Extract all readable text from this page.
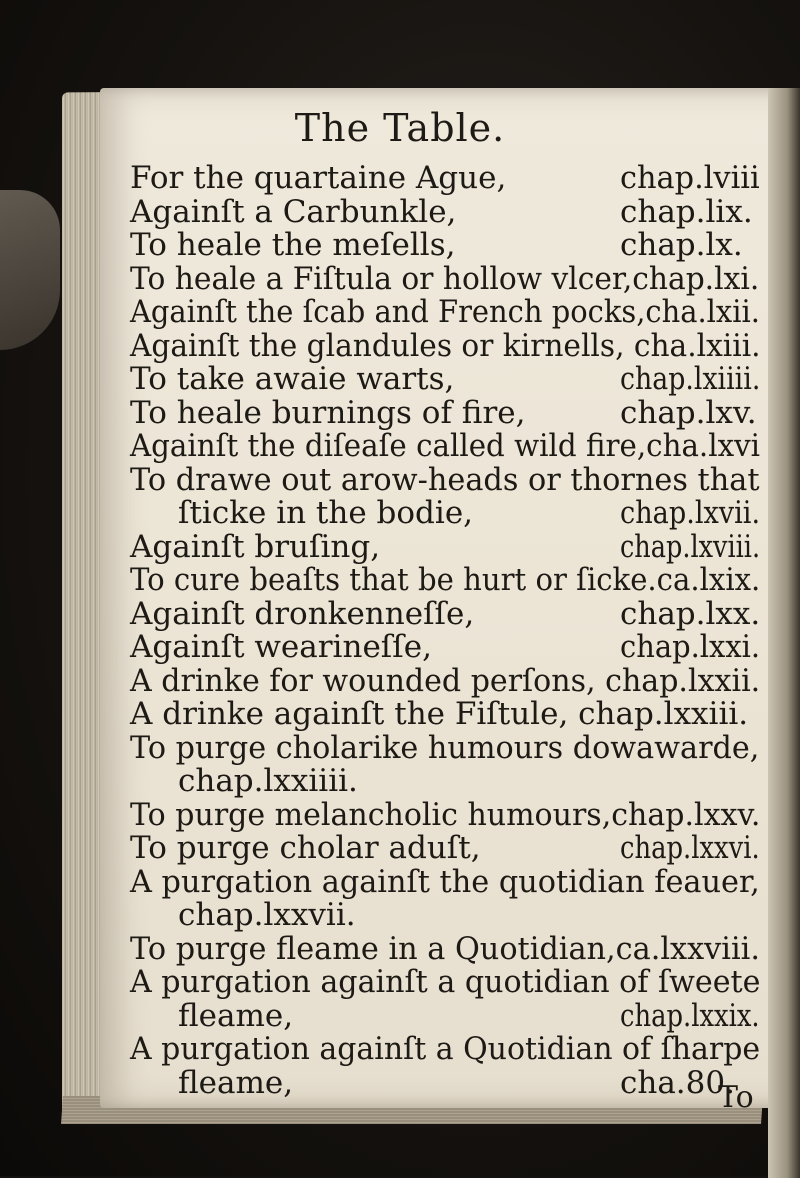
The Table.
For the quartaine Ague,	chap.lviii
Againſt a Carbunkle,	chap.lix.
To heale the meſells,	chap.lx.
To heale a Fiſtula or hollow vlcer,chap.lxi.
Againſt the ſcab and French pocks,cha.lxii.
Againſt the glandules or kirnells, cha.lxiii.
To take awaie warts,	chap.lxiiii.
To heale burnings of fire,	chap.lxv.
Againſt the diſeaſe called wild fire,cha.lxvi
To drawe out arow-heads or thornes that
ſticke in the bodie,	chap.lxvii.
Againſt bruſing,	chap.lxviii.
To cure beaſts that be hurt or ſicke.ca.lxix.
Againſt dronkenneſſe,	chap.lxx.
Againſt wearineſſe,	chap.lxxi.
A drinke for wounded perſons, chap.lxxii.
A drinke againſt the Fiſtule, chap.lxxiii.
To purge cholarike humours dowawarde,
chap.lxxiiii.
To purge melancholic humours,chap.lxxv.
To purge cholar aduſt,	chap.lxxvi.
A purgation againſt the quotidian feauer,
chap.lxxvii.
To purge fleame in a Quotidian,ca.lxxviii.
A purgation againſt a quotidian of ſweete
fleame,	chap.lxxix.
A purgation againſt a Quotidian of ſharpe
fleame,	cha.80.
To
